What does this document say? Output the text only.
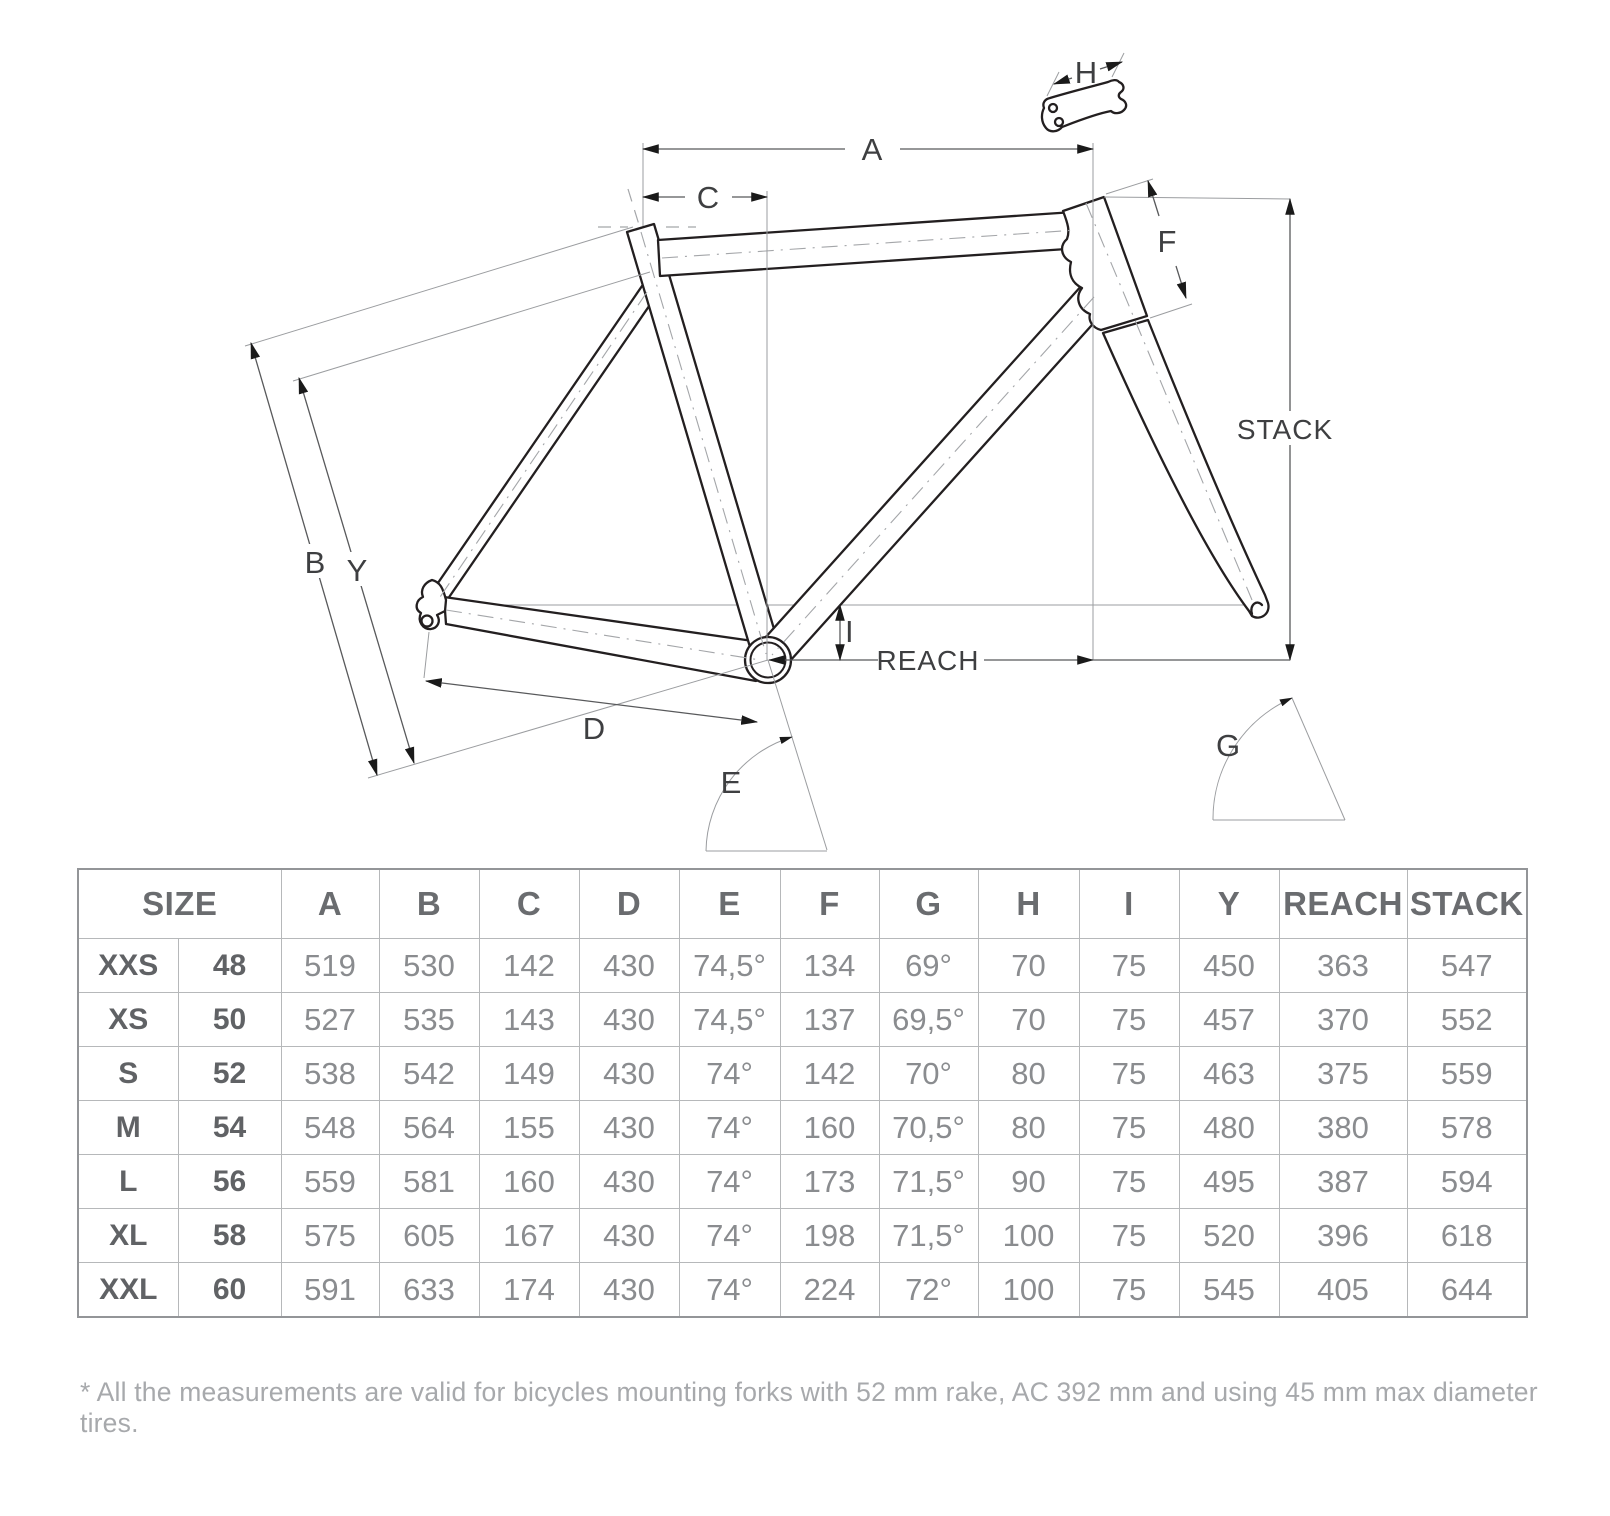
A
C
H
F
STACK
REACH
I
B Y
D
E
G
SIZE		A	B	C	D	E	F	G	H	I	Y	REACH	STACK
XXS	48	519	530	142	430	74,5°	134	69°	70	75	450	363	547
XS	50	527	535	143	430	74,5°	137	69,5°	70	75	457	370	552
S	52	538	542	149	430	74°	142	70°	80	75	463	375	559
M	54	548	564	155	430	74°	160	70,5°	80	75	480	380	578
L	56	559	581	160	430	74°	173	71,5°	90	75	495	387	594
XL	58	575	605	167	430	74°	198	71,5°	100	75	520	396	618
XXL	60	591	633	174	430	74°	224	72°	100	75	545	405	644
* All the measurements are valid for bicycles mounting forks with 52 mm rake, AC 392 mm and using 45 mm max diameter tires.
